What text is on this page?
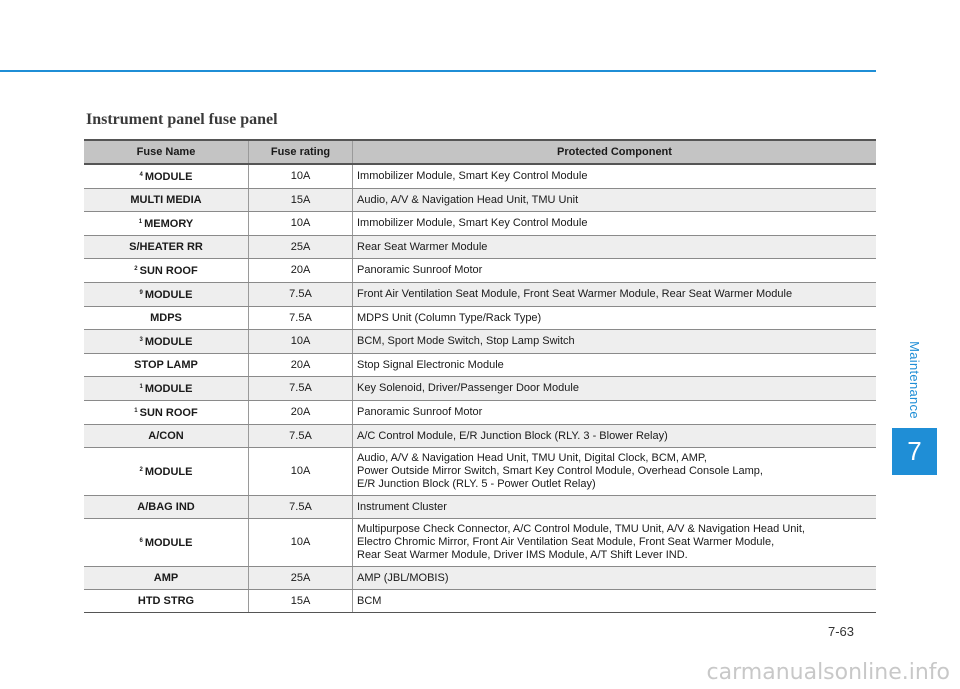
Instrument panel fuse panel
Fuse Name	Fuse rating	Protected Component
$^4$ MODULE	10A	Immobilizer Module, Smart Key Control Module

MULTI MEDIA	15A	Audio, A/V & Navigation Head Unit, TMU Unit

$^1$ MEMORY	10A	Immobilizer Module, Smart Key Control Module

S/HEATER RR	25A	Rear Seat Warmer Module

$^2$ SUN ROOF	20A	Panoramic Sunroof Motor

$^9$ MODULE	7.5A	Front Air Ventilation Seat Module, Front Seat Warmer Module, Rear Seat Warmer Module

MDPS	7.5A	MDPS Unit (Column Type/Rack Type)

$^3$ MODULE	10A	BCM, Sport Mode Switch, Stop Lamp Switch

STOP LAMP	20A	Stop Signal Electronic Module

$^1$ MODULE	7.5A	Key Solenoid, Driver/Passenger Door Module

$^1$ SUN ROOF	20A	Panoramic Sunroof Motor

A/CON	7.5A	A/C Control Module, E/R Junction Block (RLY. 3 - Blower Relay)

$^2$ MODULE	10A	Audio, A/V & Navigation Head Unit, TMU Unit, Digital Clock, BCM, AMP,
Power Outside Mirror Switch, Smart Key Control Module, Overhead Console Lamp,
E/R Junction Block (RLY. 5 - Power Outlet Relay)

A/BAG IND	7.5A	Instrument Cluster

$^6$ MODULE	10A	Multipurpose Check Connector, A/C Control Module, TMU Unit, A/V & Navigation Head Unit,
Electro Chromic Mirror, Front Air Ventilation Seat Module, Front Seat Warmer Module,
Rear Seat Warmer Module, Driver IMS Module, A/T Shift Lever IND.

AMP	25A	AMP (JBL/MOBIS)

HTD STRG	15A	BCM
Maintenance
7
7-63
carmanualsonline.info
